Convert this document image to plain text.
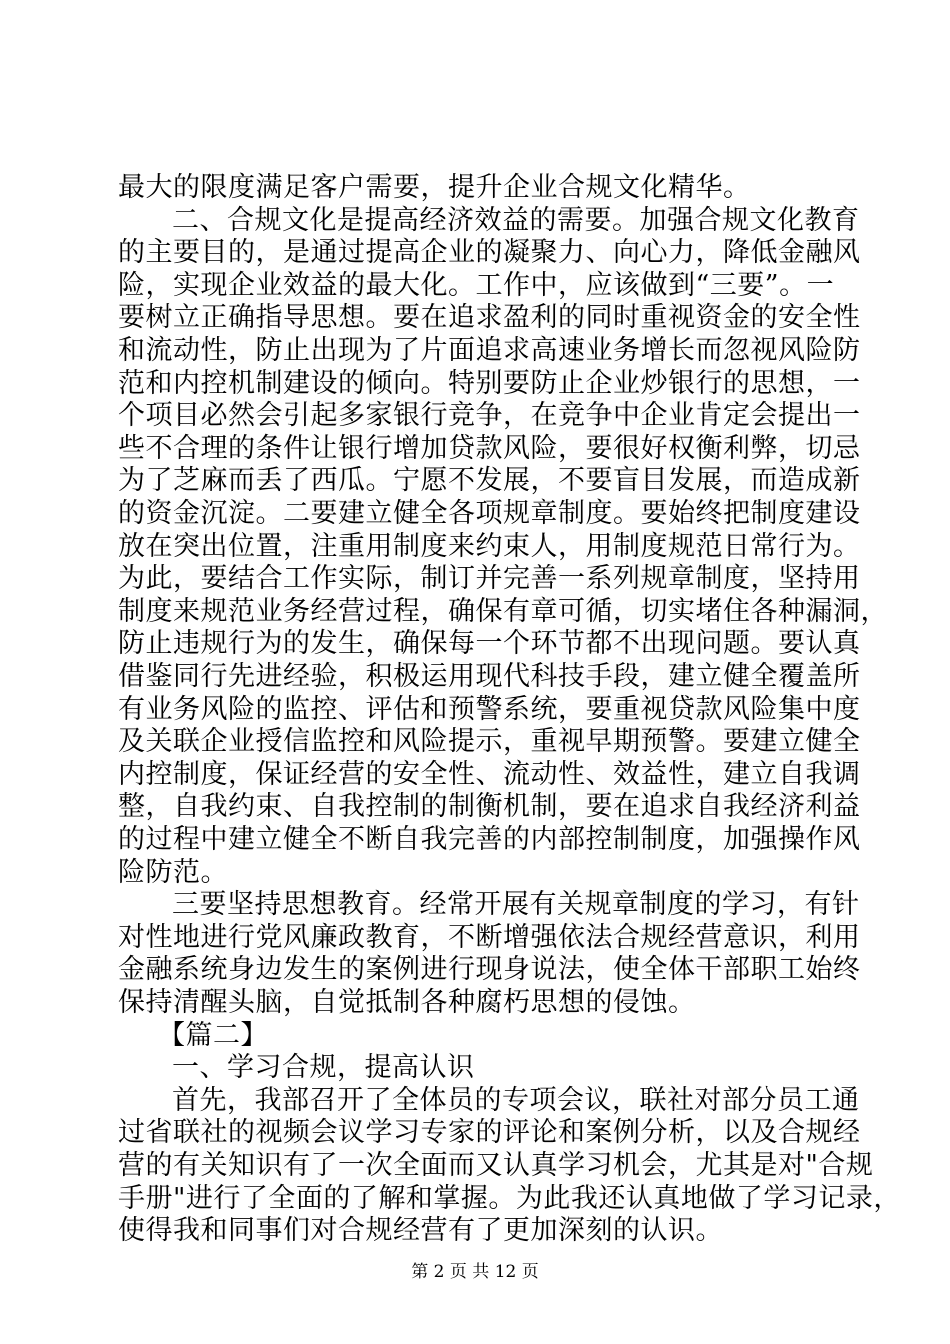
最大的限度满足客户需要，提升企业合规文化精华。
二、合规文化是提高经济效益的需要。加强合规文化教育
的主要目的，是通过提高企业的凝聚力、向心力，降低金融风
险，实现企业效益的最大化。工作中，应该做到“三要”。一
要树立正确指导思想。要在追求盈利的同时重视资金的安全性
和流动性，防止出现为了片面追求高速业务增长而忽视风险防
范和内控机制建设的倾向。特别要防止企业炒银行的思想，一
个项目必然会引起多家银行竞争，在竞争中企业肯定会提出一
些不合理的条件让银行增加贷款风险，要很好权衡利弊，切忌
为了芝麻而丢了西瓜。宁愿不发展，不要盲目发展，而造成新
的资金沉淀。二要建立健全各项规章制度。要始终把制度建设
放在突出位置，注重用制度来约束人，用制度规范日常行为。
为此，要结合工作实际，制订并完善一系列规章制度，坚持用
制度来规范业务经营过程，确保有章可循，切实堵住各种漏洞，
防止违规行为的发生，确保每一个环节都不出现问题。要认真
借鉴同行先进经验，积极运用现代科技手段，建立健全覆盖所
有业务风险的监控、评估和预警系统，要重视贷款风险集中度
及关联企业授信监控和风险提示，重视早期预警。要建立健全
内控制度，保证经营的安全性、流动性、效益性，建立自我调
整，自我约束、自我控制的制衡机制，要在追求自我经济利益
的过程中建立健全不断自我完善的内部控制制度，加强操作风
险防范。
三要坚持思想教育。经常开展有关规章制度的学习，有针
对性地进行党风廉政教育，不断增强依法合规经营意识，利用
金融系统身边发生的案例进行现身说法，使全体干部职工始终
保持清醒头脑，自觉抵制各种腐朽思想的侵蚀。
【篇二】
一、学习合规，提高认识
首先，我部召开了全体员的专项会议，联社对部分员工通
过省联社的视频会议学习专家的评论和案例分析，以及合规经
营的有关知识有了一次全面而又认真学习机会，尤其是对"合规
手册"进行了全面的了解和掌握。为此我还认真地做了学习记录，
使得我和同事们对合规经营有了更加深刻的认识。
第 2 页 共 12 页
